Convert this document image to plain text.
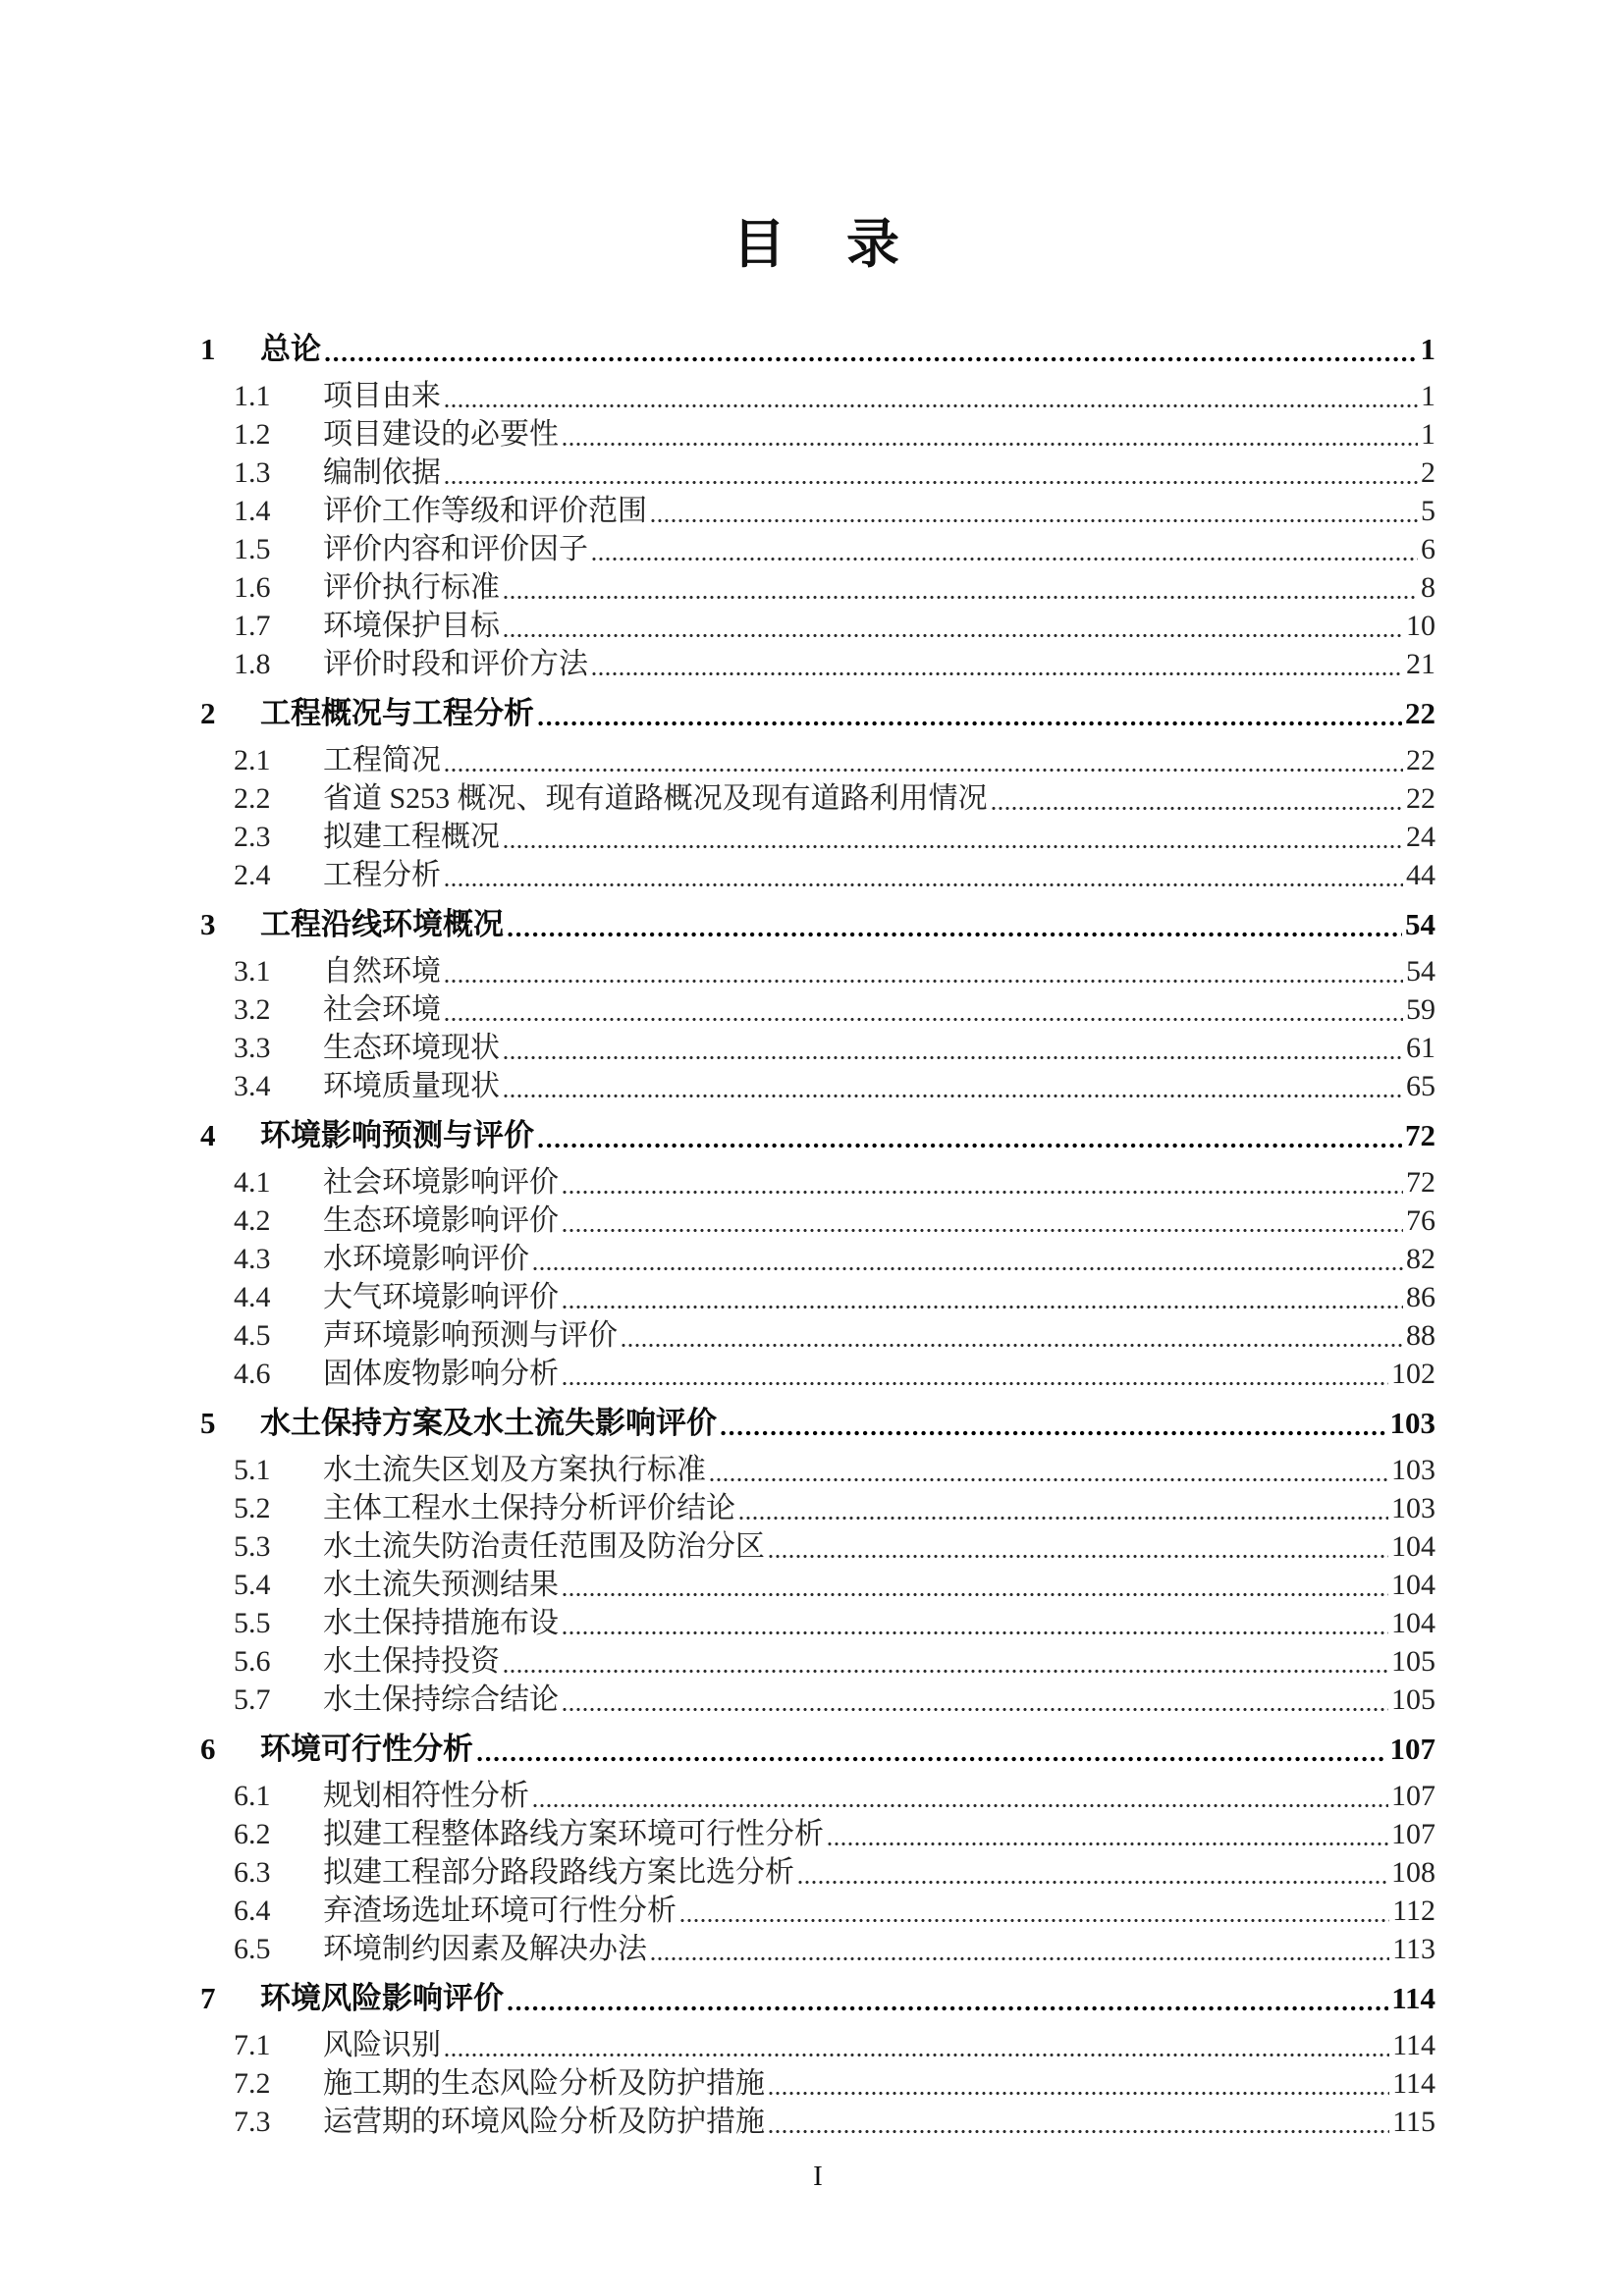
目　录
1	总论	1
1.1	项目由来	1
1.2	项目建设的必要性	1
1.3	编制依据	2
1.4	评价工作等级和评价范围	5
1.5	评价内容和评价因子	6
1.6	评价执行标准	8
1.7	环境保护目标	10
1.8	评价时段和评价方法	21
2	工程概况与工程分析	22
2.1	工程简况	22
2.2	省道 S253 概况、现有道路概况及现有道路利用情况	22
2.3	拟建工程概况	24
2.4	工程分析	44
3	工程沿线环境概况	54
3.1	自然环境	54
3.2	社会环境	59
3.3	生态环境现状	61
3.4	环境质量现状	65
4	环境影响预测与评价	72
4.1	社会环境影响评价	72
4.2	生态环境影响评价	76
4.3	水环境影响评价	82
4.4	大气环境影响评价	86
4.5	声环境影响预测与评价	88
4.6	固体废物影响分析	102
5	水土保持方案及水土流失影响评价	103
5.1	水土流失区划及方案执行标准	103
5.2	主体工程水土保持分析评价结论	103
5.3	水土流失防治责任范围及防治分区	104
5.4	水土流失预测结果	104
5.5	水土保持措施布设	104
5.6	水土保持投资	105
5.7	水土保持综合结论	105
6	环境可行性分析	107
6.1	规划相符性分析	107
6.2	拟建工程整体路线方案环境可行性分析	107
6.3	拟建工程部分路段路线方案比选分析	108
6.4	弃渣场选址环境可行性分析	112
6.5	环境制约因素及解决办法	113
7	环境风险影响评价	114
7.1	风险识别	114
7.2	施工期的生态风险分析及防护措施	114
7.3	运营期的环境风险分析及防护措施	115
I
